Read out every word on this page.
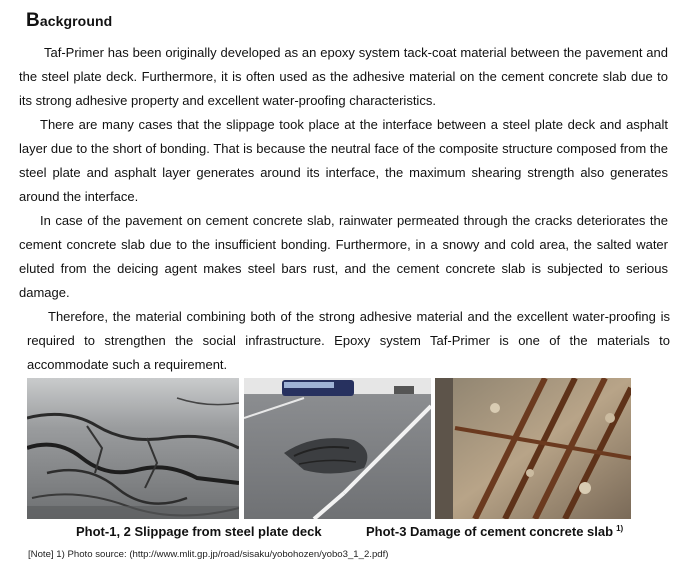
Background

Taf-Primer has been originally developed as an epoxy system tack-coat material between the pavement and the steel plate deck. Furthermore, it is often used as the adhesive material on the cement concrete slab due to its strong adhesive property and excellent water-proofing characteristics.

There are many cases that the slippage took place at the interface between a steel plate deck and asphalt layer due to the short of bonding. That is because the neutral face of the composite structure composed from the steel plate and asphalt layer generates around its interface, the maximum shearing strength also generates around the interface.

In case of the pavement on cement concrete slab, rainwater permeated through the cracks deteriorates the cement concrete slab due to the insufficient bonding. Furthermore, in a snowy and cold area, the salted water eluted from the deicing agent makes steel bars rust, and the cement concrete slab is subjected to serious damage.

Therefore, the material combining both of the strong adhesive material and the excellent water-proofing is required to strengthen the social infrastructure. Epoxy system Taf-Primer is one of the materials to accommodate such a requirement.

Phot-1, 2 Slippage from steel plate deck	Phot-3 Damage of cement concrete slab $^{1)}$
[Note] 1) Photo source: (http://www.mlit.gp.jp/road/sisaku/yobohozen/yobo3_1_2.pdf)
